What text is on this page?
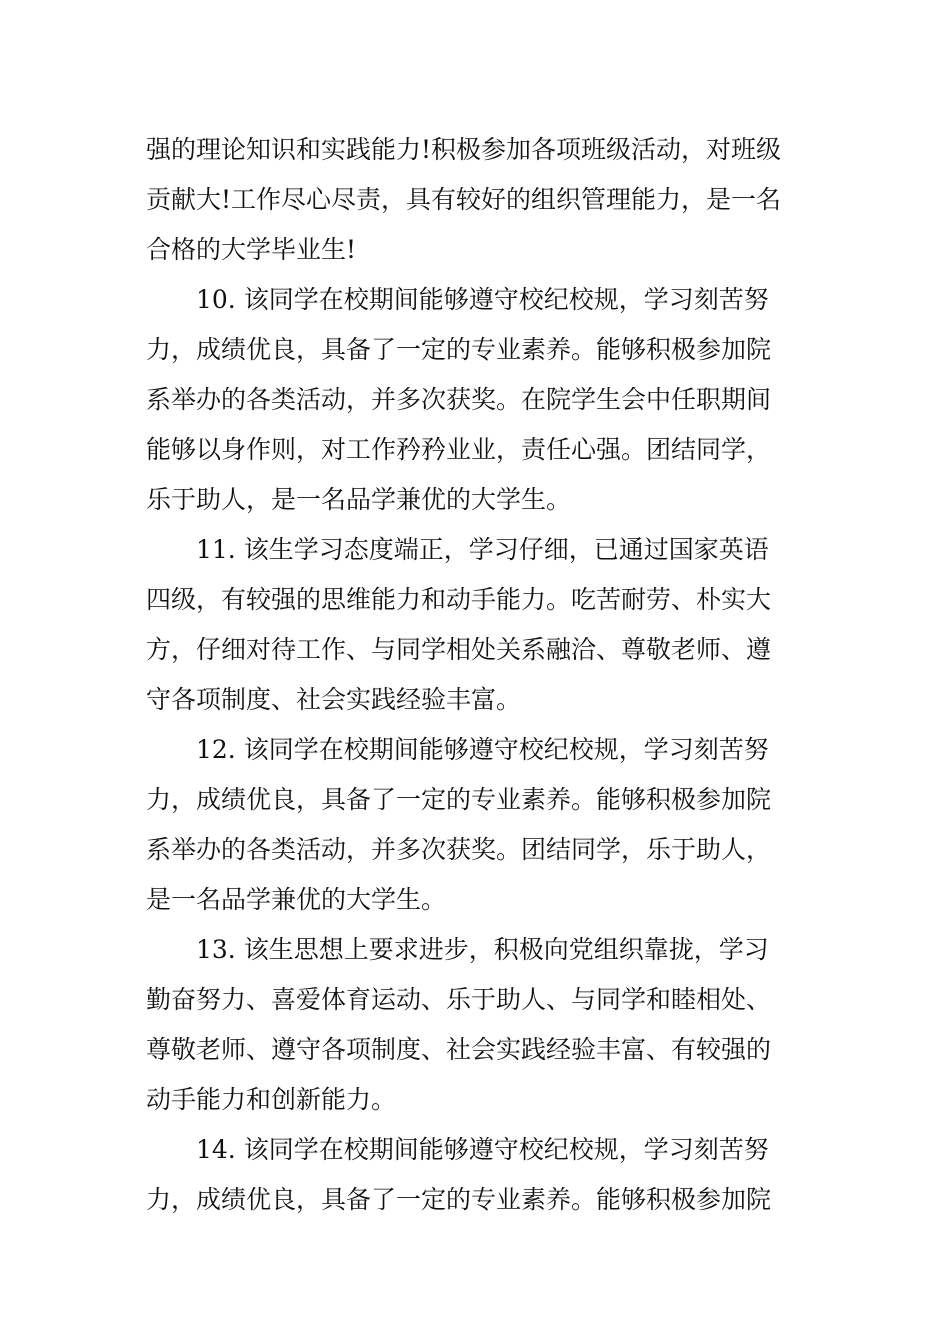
强的理论知识和实践能力!积极参加各项班级活动，对班级
贡献大!工作尽心尽责，具有较好的组织管理能力，是一名
合格的大学毕业生!
10. 该同学在校期间能够遵守校纪校规，学习刻苦努
力，成绩优良，具备了一定的专业素养。能够积极参加院
系举办的各类活动，并多次获奖。在院学生会中任职期间
能够以身作则，对工作矜矜业业，责任心强。团结同学，
乐于助人，是一名品学兼优的大学生。
11. 该生学习态度端正，学习仔细，已通过国家英语
四级，有较强的思维能力和动手能力。吃苦耐劳、朴实大
方，仔细对待工作、与同学相处关系融洽、尊敬老师、遵
守各项制度、社会实践经验丰富。
12. 该同学在校期间能够遵守校纪校规，学习刻苦努
力，成绩优良，具备了一定的专业素养。能够积极参加院
系举办的各类活动，并多次获奖。团结同学，乐于助人，
是一名品学兼优的大学生。
13. 该生思想上要求进步，积极向党组织靠拢，学习
勤奋努力、喜爱体育运动、乐于助人、与同学和睦相处、
尊敬老师、遵守各项制度、社会实践经验丰富、有较强的
动手能力和创新能力。
14. 该同学在校期间能够遵守校纪校规，学习刻苦努
力，成绩优良，具备了一定的专业素养。能够积极参加院
